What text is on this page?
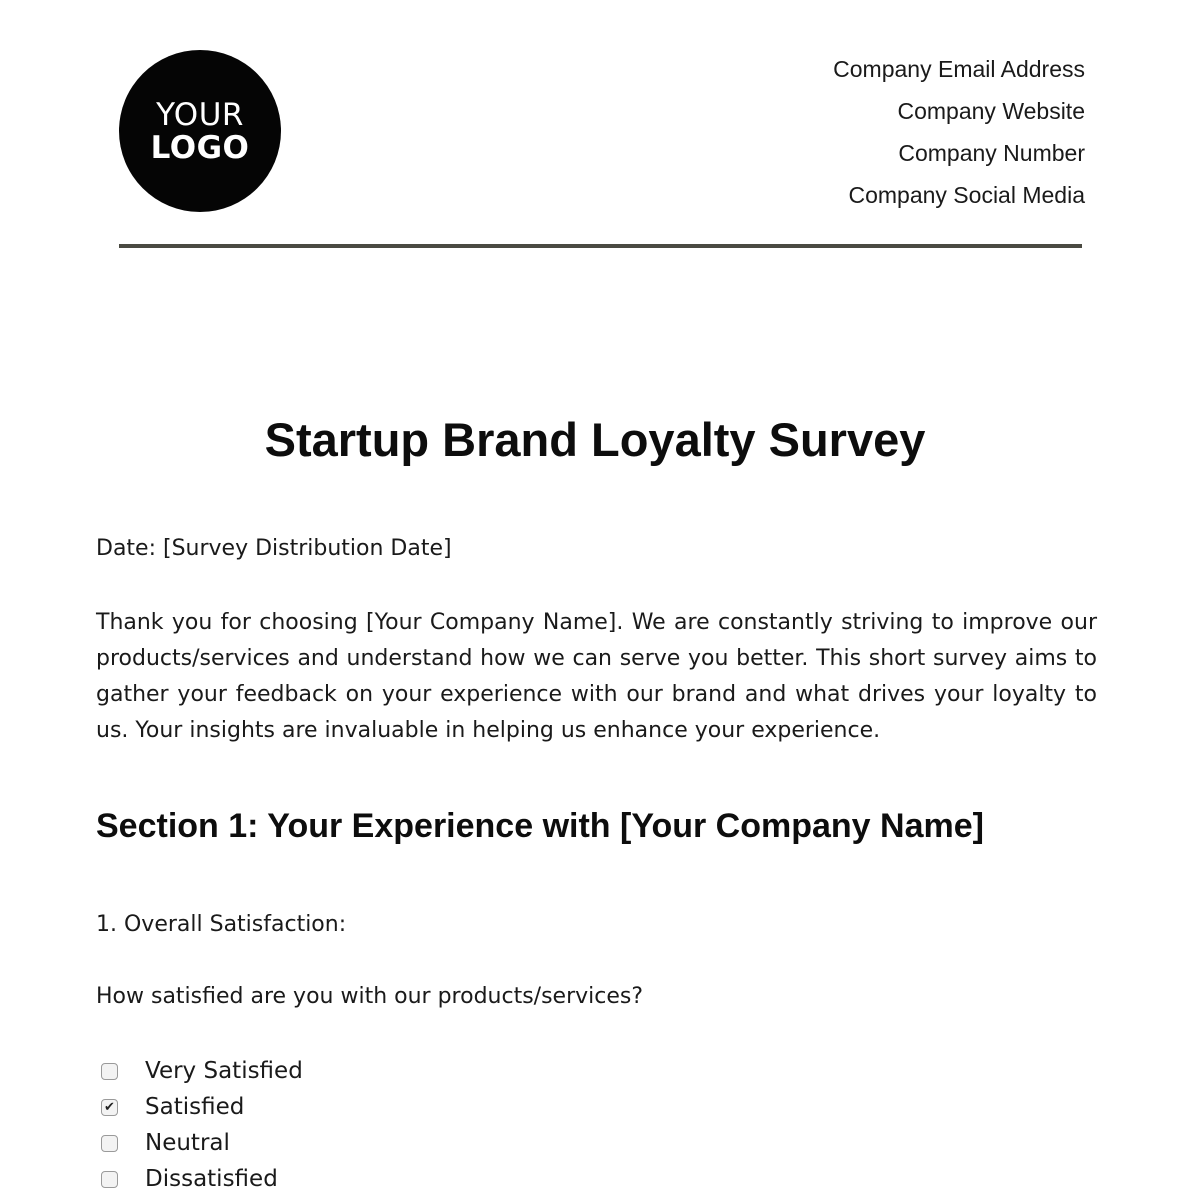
YOUR
LOGO
Company Email Address
Company Website
Company Number
Company Social Media
Startup Brand Loyalty Survey
Date: [Survey Distribution Date]

Thank you for choosing [Your Company Name]. We are constantly striving to improve our products/services and understand how we can serve you better. This short survey aims to gather your feedback on your experience with our brand and what drives your loyalty to us. Your insights are invaluable in helping us enhance your experience.

Section 1: Your Experience with [Your Company Name]
1. Overall Satisfaction:
How satisfied are you with our products/services?
Very Satisfied
✔ Satisfied
Neutral
Dissatisfied
